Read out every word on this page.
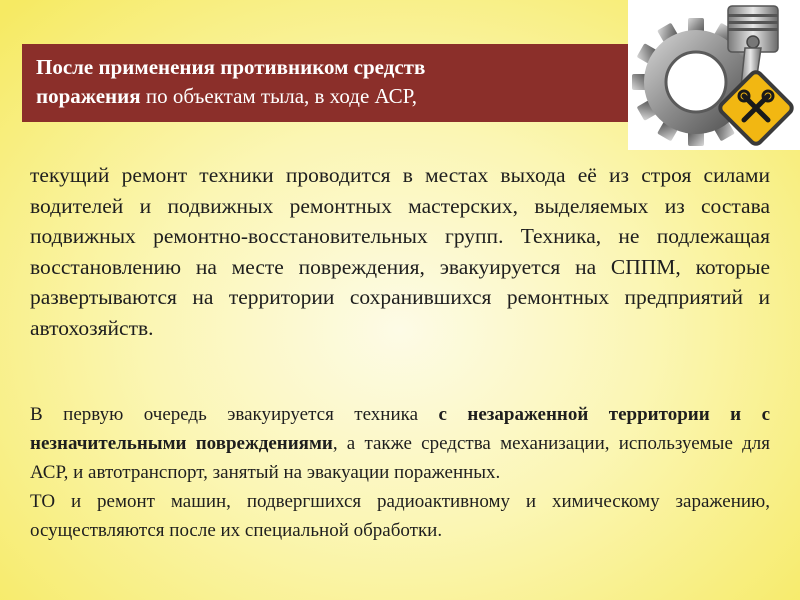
После применения противником средств
поражения по объектам тыла, в ходе АСР,
текущий ремонт техники проводится в местах выхода её из строя силами водителей и подвижных ремонтных мастерских, выделяемых из состава подвижных ремонтно-восстановительных групп. Техника, не подлежащая восстановлению на месте повреждения, эвакуируется на СППМ, которые развертываются на территории сохранившихся ремонтных предприятий и автохозяйств.

В первую очередь эвакуируется техника с незараженной территории и с незначительными повреждениями, а также средства механизации, используемые для АСР, и автотранспорт, занятый на эвакуации пораженных.

ТО и ремонт машин, подвергшихся радиоактивному и химическому заражению, осуществляются после их специальной обработки.
